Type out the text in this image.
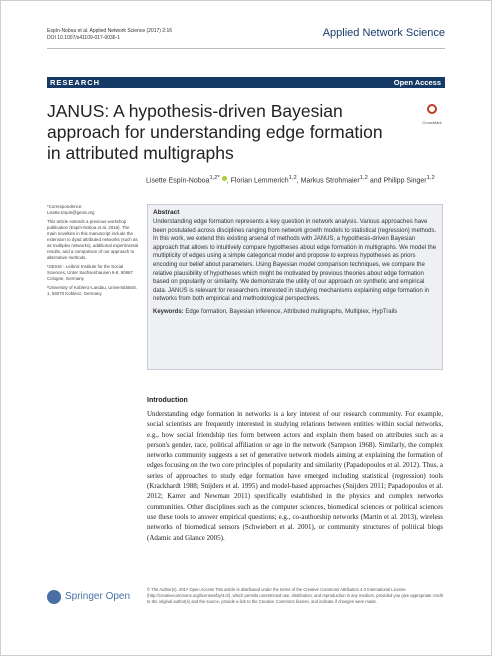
Espín-Noboa et al. Applied Network Science (2017) 2:16
DOI 10.1007/s41109-017-0036-1	Applied Network Science
RESEARCH	Open Access
JANUS: A hypothesis-driven Bayesian approach for understanding edge formation in attributed multigraphs
CrossMark
Lisette Espín-Noboa$^{1,2*}$ , Florian Lemmerich$^{1,2}$, Markus Strohmaier$^{1,2}$ and Philipp Singer$^{1,2}$

*Correspondence:
Lisette.Espin@gesis.org

This article extends a previous workshop publication (Espín-Noboa et al. 2016). The main novelties in this manuscript include the extension to dyad attributed networks (such as as multiplex networks), additional experimental results, and a comparison of our approach to alternative methods.

¹GESIS - Leibniz Institute for the Social Sciences, Unter Sachsenhausen 6-8, 50667 Cologne, Germany

²University of Koblenz-Landau, Universitätsstr. 1, 56070 Koblenz, Germany

Abstract
Understanding edge formation represents a key question in network analysis. Various approaches have been postulated across disciplines ranging from network growth models to statistical (regression) methods. In this work, we extend this existing arsenal of methods with JANUS, a hypothesis-driven Bayesian approach that allows to intuitively compare hypotheses about edge formation in multigraphs. We model the multiplicity of edges using a simple categorical model and propose to express hypotheses as priors encoding our belief about parameters. Using Bayesian model comparison techniques, we compare the relative plausibility of hypotheses which might be motivated by previous theories about edge formation based on popularity or similarity. We demonstrate the utility of our approach on synthetic and empirical data. JANUS is relevant for researchers interested in studying mechanisms explaining edge formation in networks from both empirical and methodological perspectives.
Keywords: Edge formation, Bayesian inference, Attributed multigraphs, Multiplex, HypTrails
Introduction
Understanding edge formation in networks is a key interest of our research community. For example, social scientists are frequently interested in studying relations between entities within social networks, e.g., how social friendship ties form between actors and explain them based on attributes such as a person's gender, race, political affiliation or age in the network (Sampson 1968). Similarly, the complex networks community suggests a set of generative network models aiming at explaining the formation of edges focusing on the two core principles of popularity and similarity (Papadopoulos et al. 2012). Thus, a series of approaches to study edge formation have emerged including statistical (regression) tools (Krackhardt 1988; Snijders et al. 1995) and model-based approaches (Snijders 2011; Papadopoulos et al. 2012; Karrer and Newman 2011) specifically established in the physics and complex networks communities. Other disciplines such as the computer sciences, biomedical sciences or political sciences use these tools to answer empirical questions; e.g., co-authorship networks (Martin et al. 2013), wireless networks of biomedical sensors (Schwiebert et al. 2001), or community structures of political blogs (Adamic and Glance 2005).
Springer Open
© The Author(s). 2017 Open Access This article is distributed under the terms of the Creative Commons Attribution 4.0 International License (http://creativecommons.org/licenses/by/4.0/), which permits unrestricted use, distribution, and reproduction in any medium, provided you give appropriate credit to the original author(s) and the source, provide a link to the Creative Commons license, and indicate if changes were made.
